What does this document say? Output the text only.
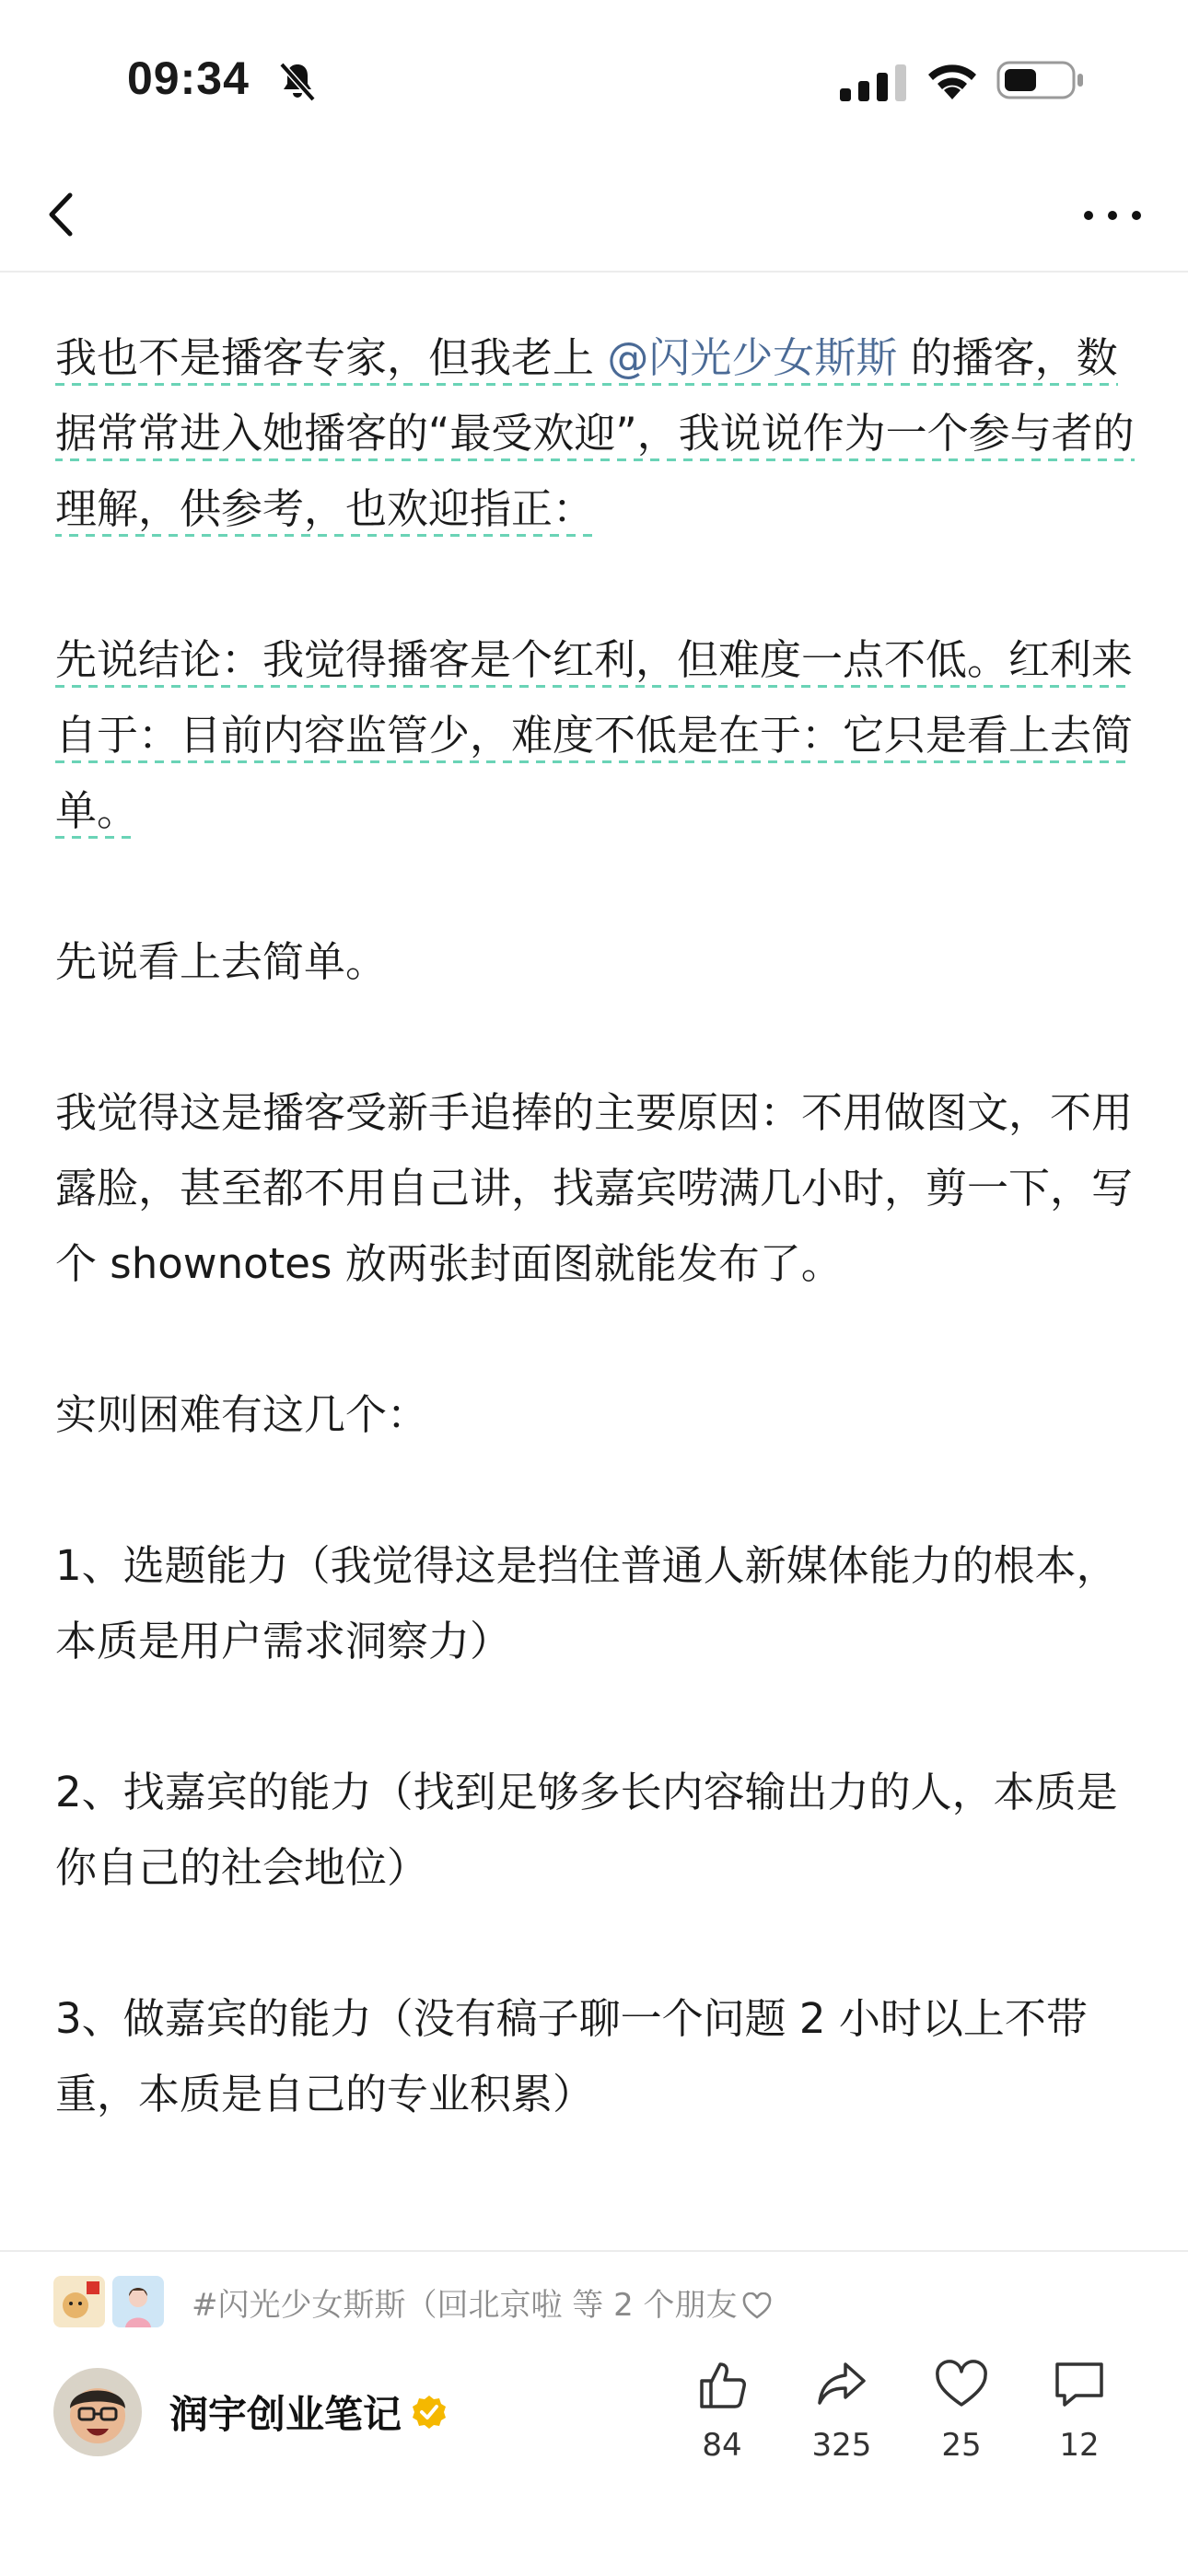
09:34

我也不是播客专家，但我老上 @闪光少女斯斯 的播客，数据常常进入她播客的“最受欢迎”，我说说作为一个参与者的理解，供参考，也欢迎指正：

先说结论：我觉得播客是个红利，但难度一点不低。红利来自于：目前内容监管少，难度不低是在于：它只是看上去简单。

先说看上去简单。

我觉得这是播客受新手追捧的主要原因：不用做图文，不用露脸，甚至都不用自己讲，找嘉宾唠满几小时，剪一下，写个 shownotes 放两张封面图就能发布了。

实则困难有这几个：

1、选题能力（我觉得这是挡住普通人新媒体能力的根本，本质是用户需求洞察力）

2、找嘉宾的能力（找到足够多长内容输出力的人，本质是你自己的社会地位）

3、做嘉宾的能力（没有稿子聊一个问题 2 小时以上不带重，本质是自己的专业积累）

#闪光少女斯斯（回北京啦 等 2 个朋友
润宇创业笔记
84	325	25	12
